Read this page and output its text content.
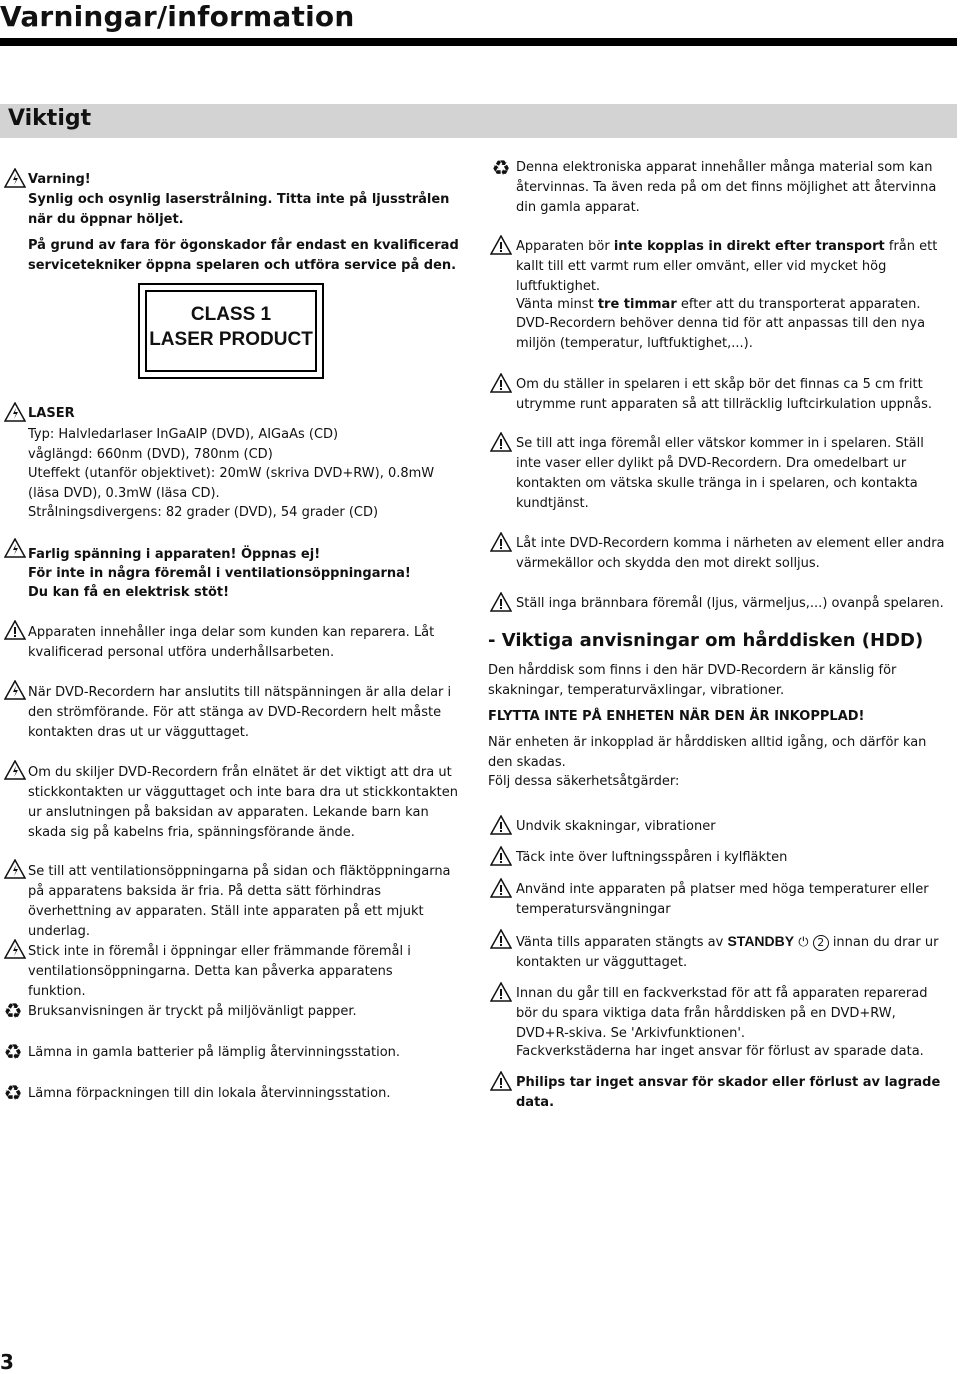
Varningar/information
Viktigt
Varning!
Synlig och osynlig laserstrålning. Titta inte på ljusstrålen när du öppnar höljet.
På grund av fara för ögonskador får endast en kvalificerad servicetekniker öppna spelaren och utföra service på den.
CLASS 1
LASER PRODUCT
LASER
Typ: Halvledarlaser InGaAIP (DVD), AIGaAs (CD)
våglängd: 660nm (DVD), 780nm (CD)
Uteffekt (utanför objektivet): 20mW (skriva DVD+RW), 0.8mW (läsa DVD), 0.3mW (läsa CD).
Strålningsdivergens: 82 grader (DVD), 54 grader (CD)
Farlig spänning i apparaten! Öppnas ej!
För inte in några föremål i ventilationsöppningarna!
Du kan få en elektrisk stöt!
Apparaten innehåller inga delar som kunden kan reparera. Låt kvalificerad personal utföra underhållsarbeten.
När DVD-Recordern har anslutits till nätspänningen är alla delar i den strömförande. För att stänga av DVD-Recordern helt måste kontakten dras ut ur vägguttaget.
Om du skiljer DVD-Recordern från elnätet är det viktigt att dra ut stickkontakten ur vägguttaget och inte bara dra ut stickkontakten ur anslutningen på baksidan av apparaten. Lekande barn kan skada sig på kabelns fria, spänningsförande ände.
Se till att ventilationsöppningarna på sidan och fläktöppningarna på apparatens baksida är fria. På detta sätt förhindras överhettning av apparaten. Ställ inte apparaten på ett mjukt underlag.
Stick inte in föremål i öppningar eller främmande föremål i ventilationsöppningarna. Detta kan påverka apparatens funktion.
♻ Bruksanvisningen är tryckt på miljövänligt papper.
♻ Lämna in gamla batterier på lämplig återvinningsstation.
♻ Lämna förpackningen till din lokala återvinningsstation.
3
♻ Denna elektroniska apparat innehåller många material som kan återvinnas. Ta även reda på om det finns möjlighet att återvinna din gamla apparat.
Apparaten bör inte kopplas in direkt efter transport från ett kallt till ett varmt rum eller omvänt, eller vid mycket hög luftfuktighet.
Vänta minst tre timmar efter att du transporterat apparaten.
DVD-Recordern behöver denna tid för att anpassas till den nya miljön (temperatur, luftfuktighet,...).
Om du ställer in spelaren i ett skåp bör det finnas ca 5 cm fritt utrymme runt apparaten så att tillräcklig luftcirkulation uppnås.
Se till att inga föremål eller vätskor kommer in i spelaren. Ställ inte vaser eller dylikt på DVD-Recordern. Dra omedelbart ur kontakten om vätska skulle tränga in i spelaren, och kontakta kundtjänst.
Låt inte DVD-Recordern komma i närheten av element eller andra värmekällor och skydda den mot direkt solljus.
Ställ inga brännbara föremål (ljus, värmeljus,...) ovanpå spelaren.
- Viktiga anvisningar om hårddisken (HDD)
Den hårddisk som finns i den här DVD-Recordern är känslig för skakningar, temperaturväxlingar, vibrationer.
FLYTTA INTE PÅ ENHETEN NÄR DEN ÄR INKOPPLAD!
När enheten är inkopplad är hårddisken alltid igång, och därför kan den skadas.
Följ dessa säkerhetsåtgärder:
Undvik skakningar, vibrationer
Täck inte över luftningsspåren i kylfläkten
Använd inte apparaten på platser med höga temperaturer eller temperatursvängningar
Vänta tills apparaten stängts av STANDBY ⏻ 2 innan du drar ur kontakten ur vägguttaget.
Innan du går till en fackverkstad för att få apparaten reparerad bör du spara viktiga data från hårddisken på en DVD+RW, DVD+R-skiva. Se 'Arkivfunktionen'.
Fackverkstäderna har inget ansvar för förlust av sparade data.
Philips tar inget ansvar för skador eller förlust av lagrade data.
